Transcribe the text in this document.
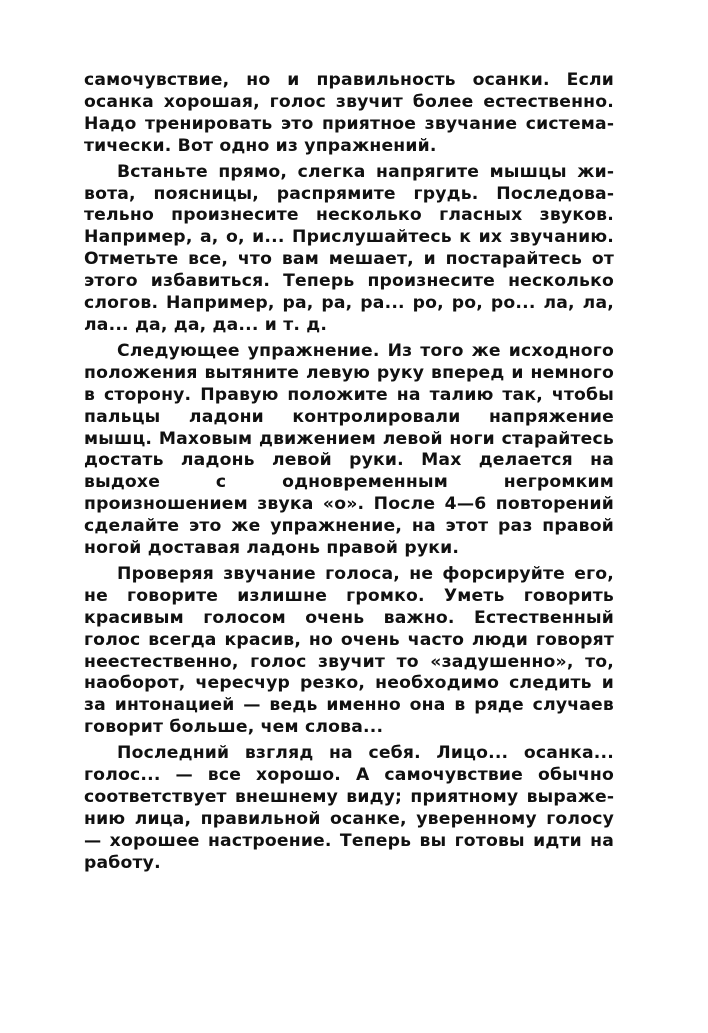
самочувствие, но и правильность осанки. Если осанка хорошая, голос звучит более естественно. Надо тренировать это приятное звучание систематически. Вот одно из упражнений.

Встаньте прямо, слегка напрягите мышцы живота, поясницы, распрямите грудь. Последовательно произнесите несколько гласных звуков. Например, а, о, и... Прислушайтесь к их звучанию. Отметьте все, что вам мешает, и постарайтесь от этого избавиться. Теперь произнесите несколько слогов. Например, ра, ра, ра... ро, ро, ро... ла, ла, ла... да, да, да... и т. д.

Следующее упражнение. Из того же исходного положения вытяните левую руку вперед и немного в сторону. Правую положите на талию так, чтобы пальцы ладони контролировали напряжение мышц. Маховым движением левой ноги старайтесь достать ладонь левой руки. Мах делается на выдохе с одновременным негромким произношением звука «о». После 4—6 повторений сделайте это же упражнение, на этот раз правой ногой доставая ладонь правой руки.

Проверяя звучание голоса, не форсируйте его, не говорите излишне громко. Уметь говорить красивым голосом очень важно. Естественный голос всегда красив, но очень часто люди говорят неестественно, голос звучит то «задушенно», то, наоборот, чересчур резко, необходимо следить и за интонацией — ведь именно она в ряде случаев говорит больше, чем слова...

Последний взгляд на себя. Лицо... осанка... голос... — все хорошо. А самочувствие обычно соответствует внешнему виду; приятному выражению лица, правильной осанке, уверенному голосу — хорошее настроение. Теперь вы готовы идти на работу.
